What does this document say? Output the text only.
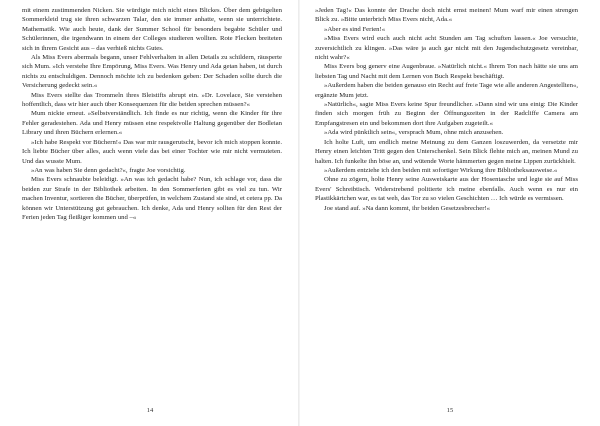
mit einem zustimmenden Nicken. Sie würdigte mich nicht eines Blickes. Über dem gebügelten Sommerkleid trug sie ihren schwarzen Talar, den sie immer anhatte, wenn sie unterrichtete. Mathematik. Wie auch heute, dank der Summer School für besonders begabte Schüler und Schülerinnen, die irgendwann in einem der Colleges studieren wollten. Rote Flecken breiteten sich in ihrem Gesicht aus – das verhieß nichts Gutes.

Als Miss Evers abermals begann, unser Fehlverhalten in allen Details zu schildern, räusperte sich Mum. »Ich verstehe Ihre Empörung, Miss Evers. Was Henry und Ada getan haben, ist durch nichts zu entschuldigen. Dennoch möchte ich zu bedenken geben: Der Schaden sollte durch die Versicherung gedeckt sein.«

Miss Evers stellte das Trommeln ihres Bleistifts abrupt ein. »Dr. Lovelace, Sie verstehen hoffentlich, dass wir hier auch über Konsequenzen für die beiden sprechen müssen?«

Mum nickte erneut. »Selbstverständlich. Ich finde es nur richtig, wenn die Kinder für ihre Fehler geradestehen. Ada und Henry müssen eine respektvolle Haltung gegenüber der Bodleian Library und ihren Büchern erlernen.«

»Ich habe Respekt vor Büchern!« Das war mir rausgerutscht, bevor ich mich stoppen konnte. Ich liebte Bücher über alles, auch wenn viele das bei einer Tochter wie mir nicht vermuteten. Und das wusste Mum.

»An was haben Sie denn gedacht?«, fragte Joe vorsichtig.

Miss Evers schnaubte beleidigt. »An was ich gedacht habe? Nun, ich schlage vor, dass die beiden zur Strafe in der Bibliothek arbeiten. In den Sommerferien gibt es viel zu tun. Wir machen Inventur, sortieren die Bücher, überprüfen, in welchem Zustand sie sind, et cetera pp. Da können wir Unterstützung gut gebrauchen. Ich denke, Ada und Henry sollten für den Rest der Ferien jeden Tag fleißiger kommen und –«

14

»Jeden Tag!« Das konnte der Drache doch nicht ernst meinen! Mum warf mir einen strengen Blick zu. »Bitte unterbrich Miss Evers nicht, Ada.«

»Aber es sind Ferien!«

»Miss Evers wird euch auch nicht acht Stunden am Tag schuften lassen.« Joe versuchte, zuversichtlich zu klingen. »Das wäre ja auch gar nicht mit den Jugendschutzgesetz vereinbar, nicht wahr?«

Miss Evers bog generv eine Augenbraue. »Natürlich nicht.« Ihrem Ton nach hätte sie uns am liebsten Tag und Nacht mit dem Lernen von Buch Respekt beschäftigt.

»Außerdem haben die beiden genauso ein Recht auf freie Tage wie alle anderen Angestellten«, ergänzte Mum jetzt.

»Natürlich«, sagte Miss Evers keine Spur freundlicher. »Dann sind wir uns einig: Die Kinder finden sich morgen früh zu Beginn der Öffnungszeiten in der Radcliffe Camera am Empfangstresen ein und bekommen dort ihre Aufgaben zugeteilt.«

»Ada wird pünktlich sein«, versprach Mum, ohne mich anzusehen.

Ich holte Luft, um endlich meine Meinung zu dem Ganzen loszuwerden, da versetzte mir Henry einen leichten Tritt gegen den Unterschenkel. Sein Blick flehte mich an, meinen Mund zu halten. Ich funkelte ihn böse an, und wütende Worte hämmerten gegen meine Lippen zurückhielt.

»Außerdem entziehe ich den beiden mit sofortiger Wirkung ihre Bibliotheksausweise.«

Ohne zu zögern, holte Henry seine Ausweiskarte aus der Hosentasche und legte sie auf Miss Evers' Schreibtisch. Widerstrebend politierte ich meine ebenfalls. Auch wenn es nur ein Plastikkärtchen war, es tat weh, das Tor zu so vielen Geschichten … Ich würde es vermissen.

Joe stand auf. »Na dann kommt, ihr beiden Gesetzesbrecher!«

15
